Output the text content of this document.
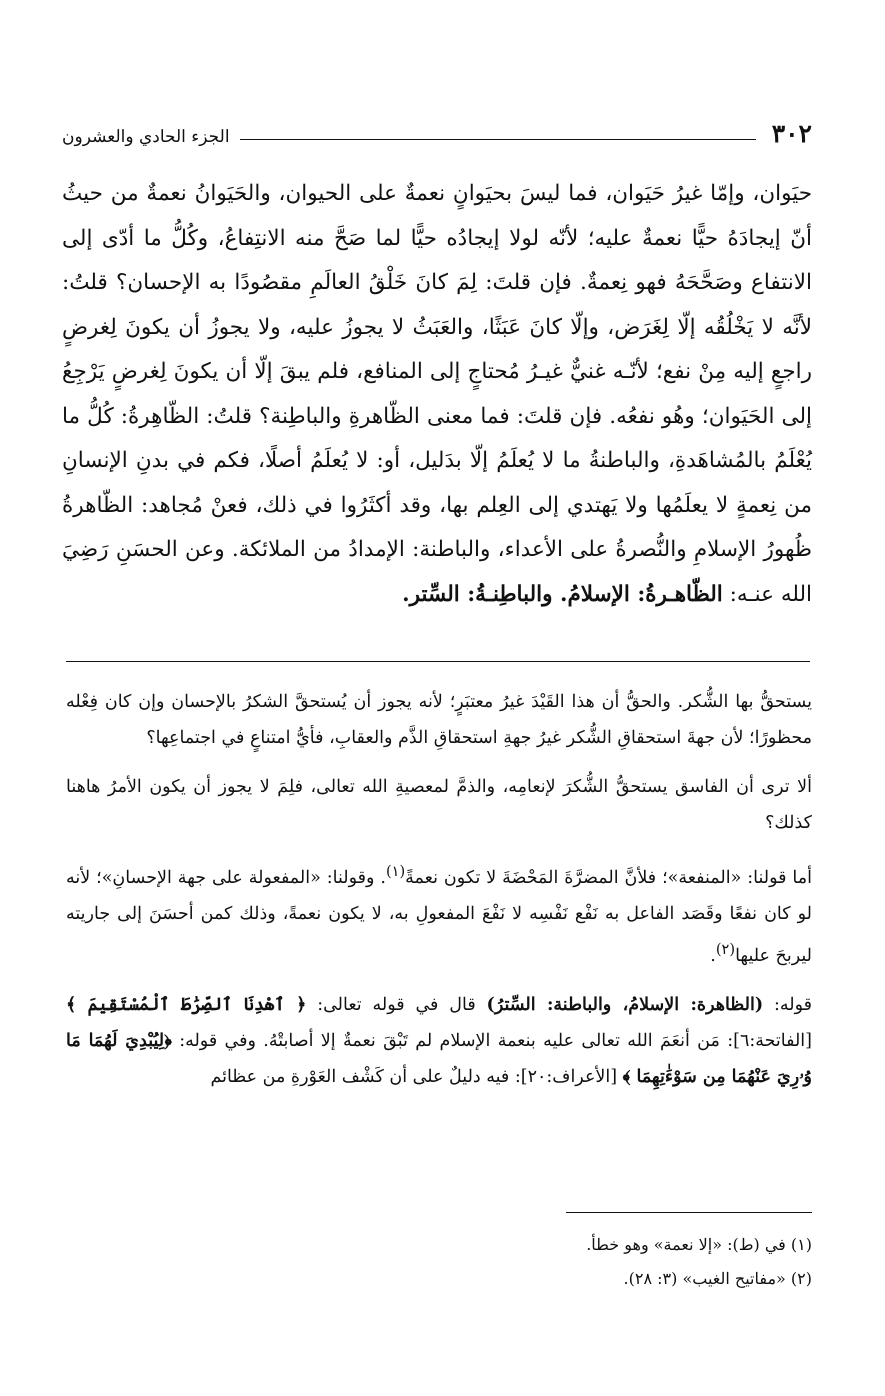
٣٠٢
الجزء الحادي والعشرون

حيَوان، وإمّا غيرُ حَيَوان، فما ليسَ بحيَوانٍ نعمةٌ على الحيوان، والحَيَوانُ نعمةٌ من حيثُ أنّ إيجادَهُ حيًّا نعمةٌ عليه؛ لأنّه لولا إيجادُه حيًّا لما صَحَّ منه الانتِفاعُ، وكُلُّ ما أدّى إلى الانتفاع وصَحَّحَهُ فهو نِعمةٌ. فإن قلتَ: لِمَ كانَ خَلْقُ العالَمِ مقصُودًا به الإحسان؟ قلتُ: لأنَّه لا يَخْلُقُه إلّا لِغَرَض، وإلّا كانَ عَبَثًا، والعَبَثُ لا يجوزُ عليه، ولا يجوزُ أن يكونَ لِغرضٍ راجعٍ إليه مِنْ نفع؛ لأنّـه غنيٌّ غيـرُ مُحتاجٍ إلى المنافع، فلم يبقَ إلّا أن يكونَ لِغرضٍ يَرْجِعُ إلى الحَيَوان؛ وهُو نفعُه. فإن قلتَ: فما معنى الظّاهرةِ والباطِنة؟ قلتُ: الظّاهِرةُ: كُلُّ ما يُعْلَمُ بالمُشاهَدةِ، والباطنةُ ما لا يُعلَمُ إلّا بدَليل، أو: لا يُعلَمُ أصلًا، فكم في بدنِ الإنسانِ من نِعمةٍ لا يعلَمُها ولا يَهتدي إلى العِلم بها، وقد أكثَرُوا في ذلك، فعنْ مُجاهد: الظّاهرةُ ظُهورُ الإسلامِ والنُّصرةُ على الأعداء، والباطنة: الإمدادُ من الملائكة. وعن الحسَنِ رَضِيَ الله عنـه: الظّاهـرةُ: الإسلامُ. والباطِنـةُ: السِّتر.

يستحقُّ بها الشُّكر. والحقُّ أن هذا القَيْدَ غيرُ معتبَرٍ؛ لأنه يجوز أن يُستحقَّ الشكرُ بالإحسان وإن كان فِعْله محظورًا؛ لأن جهةَ استحقاقِ الشُّكر غيرُ جهةِ استحقاقِ الذَّم والعقابِ، فأيُّ امتناعٍ في اجتماعِها؟

ألا ترى أن الفاسق يستحقُّ الشُّكرَ لإنعامِه، والذمَّ لمعصيةِ الله تعالى، فلِمَ لا يجوز أن يكون الأمرُ هاهنا كذلك؟

أما قولنا: «المنفعة»؛ فلأنَّ المضرَّةَ المَحْضَةَ لا تكون نعمةً$^{(١)}$. وقولنا: «المفعولة على جهة الإحسانِ»؛ لأنه لو كان نفعًا وقَصَد الفاعل به نَفْع نَفْسِه لا نَفْعَ المفعولِ به، لا يكون نعمةً، وذلك كمن أحسَنَ إلى جاريته ليربحَ عليها$^{(٢)}$.

قوله: (الظاهرة: الإسلامُ، والباطنة: السِّترُ) قال في قوله تعالى: ﴿ ٱهْدِنَا ٱلصِّرَٰطَ ٱلْمُسْتَقِيمَ ﴾ [الفاتحة:٦]: مَن أنعَمَ الله تعالى عليه بنعمة الإسلام لم تَبْقَ نعمةٌ إلا أصابتْهُ. وفي قوله: ﴿لِيُبْدِيَ لَهُمَا مَا وُۥرِيَ عَنْهُمَا مِن سَوْءَٰتِهِمَا ﴾ [الأعراف:٢٠]: فيه دليلٌ على أن كَشْف العَوْرةِ من عظائم

(١) في (ط): «إلا نعمة» وهو خطأ.

(٢) «مفاتيح الغيب» (٣: ٢٨).
